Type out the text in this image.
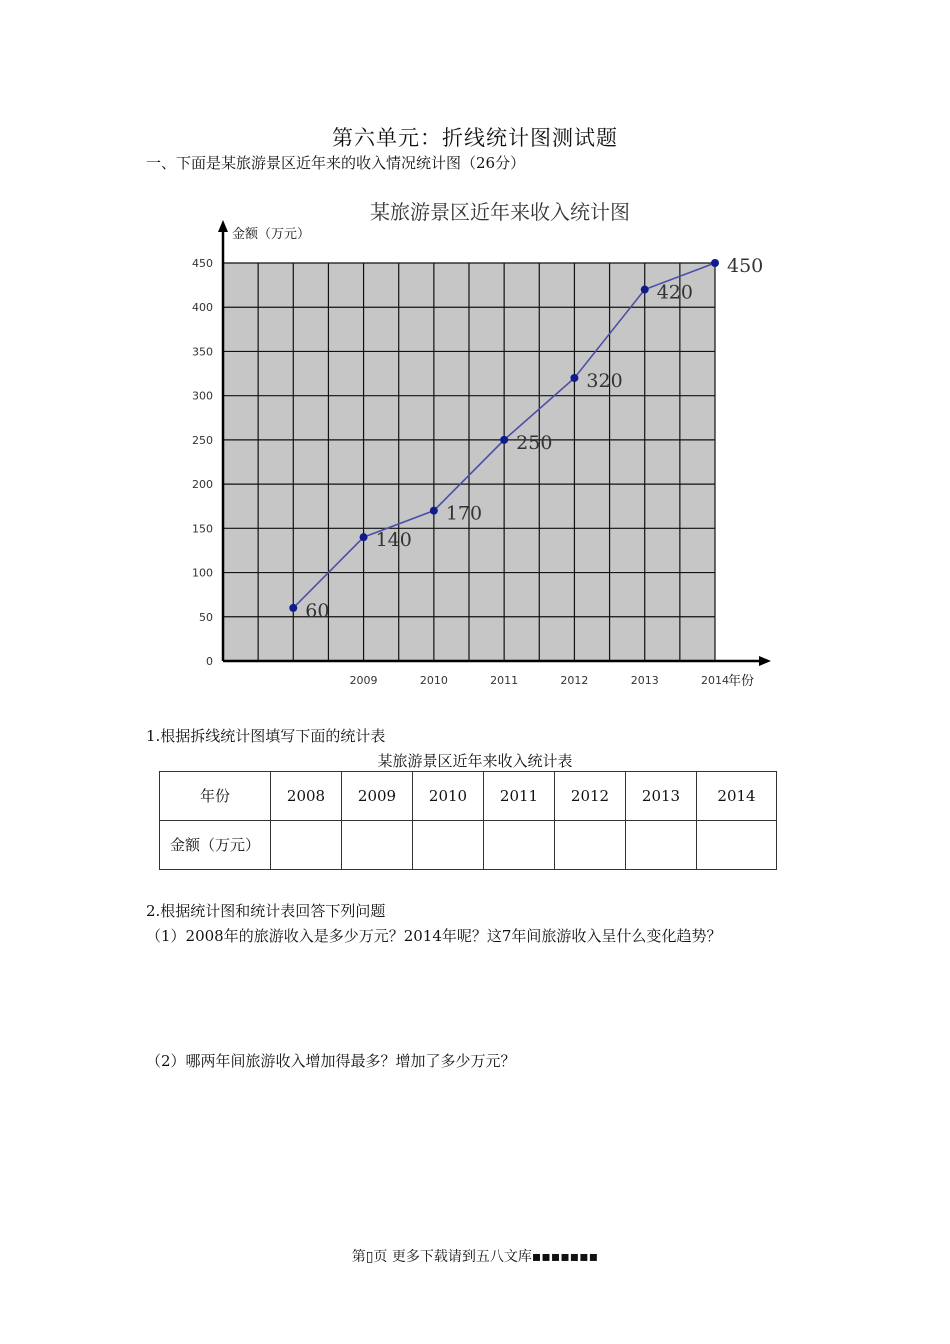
第六单元：折线统计图测试题
一、下面是某旅游景区近年来的收入情况统计图（26分）
某旅游景区近年来收入统计图
金额（万元）
年份
0
50
100
150
200
250
300
350
400
450
2009	2010	2011	2012	2013	2014
60
140
170
250
320
420
450
1.根据拆线统计图填写下面的统计表
某旅游景区近年来收入统计表
年份	2008	2009	2010	2011	2012	2013	2014
金额（万元）							
2.根据统计图和统计表回答下列问题
（1）2008年的旅游收入是多少万元？2014年呢？这7年间旅游收入呈什么变化趋势？
（2）哪两年间旅游收入增加得最多？增加了多少万元？
第▯页 更多下载请到五八文库▪︎▪︎▪︎▪︎▪︎▪︎▪︎
